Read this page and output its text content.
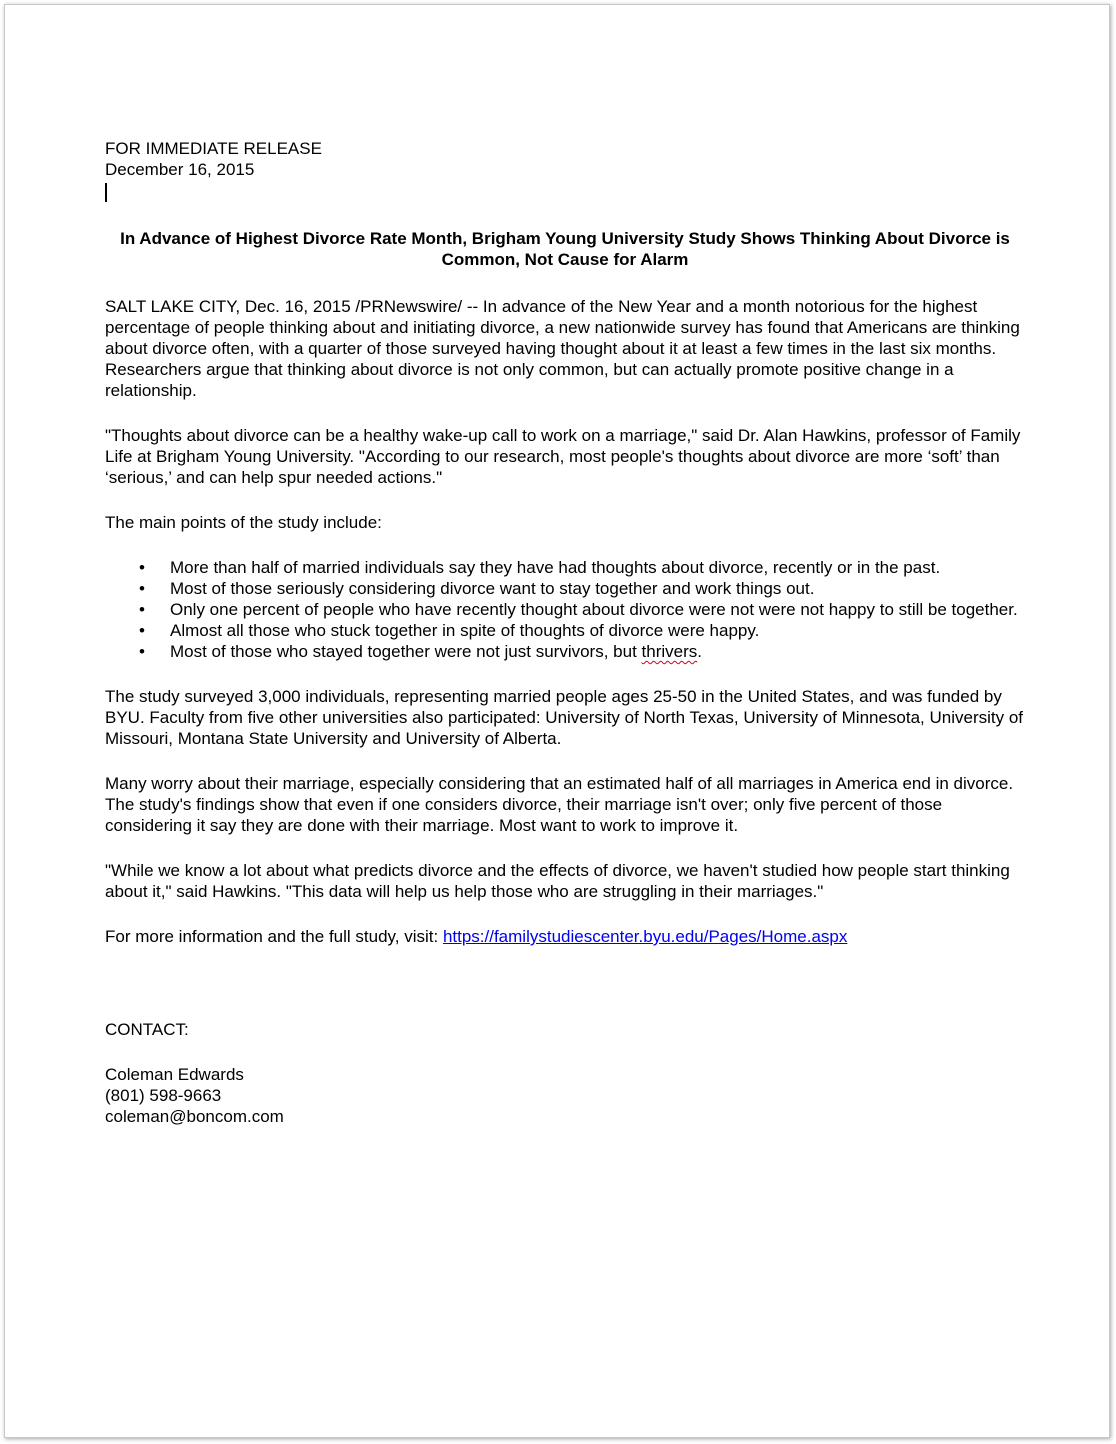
FOR IMMEDIATE RELEASE
December 16, 2015

In Advance of Highest Divorce Rate Month, Brigham Young University Study Shows Thinking About Divorce is Common, Not Cause for Alarm

SALT LAKE CITY, Dec. 16, 2015 /PRNewswire/ -- In advance of the New Year and a month notorious for the highest percentage of people thinking about and initiating divorce, a new nationwide survey has found that Americans are thinking about divorce often, with a quarter of those surveyed having thought about it at least a few times in the last six months. Researchers argue that thinking about divorce is not only common, but can actually promote positive change in a relationship.

"Thoughts about divorce can be a healthy wake-up call to work on a marriage," said Dr. Alan Hawkins, professor of Family Life at Brigham Young University. "According to our research, most people's thoughts about divorce are more ‘soft’ than ‘serious,’ and can help spur needed actions."

The main points of the study include:

• More than half of married individuals say they have had thoughts about divorce, recently or in the past.
• Most of those seriously considering divorce want to stay together and work things out.
• Only one percent of people who have recently thought about divorce were not were not happy to still be together.
• Almost all those who stuck together in spite of thoughts of divorce were happy.
• Most of those who stayed together were not just survivors, but thrivers.

The study surveyed 3,000 individuals, representing married people ages 25-50 in the United States, and was funded by BYU. Faculty from five other universities also participated: University of North Texas, University of Minnesota, University of Missouri, Montana State University and University of Alberta.

Many worry about their marriage, especially considering that an estimated half of all marriages in America end in divorce. The study's findings show that even if one considers divorce, their marriage isn't over; only five percent of those considering it say they are done with their marriage. Most want to work to improve it.

"While we know a lot about what predicts divorce and the effects of divorce, we haven't studied how people start thinking about it," said Hawkins. "This data will help us help those who are struggling in their marriages."

For more information and the full study, visit: https://familystudiescenter.byu.edu/Pages/Home.aspx

CONTACT:

Coleman Edwards
(801) 598-9663
coleman@boncom.com
